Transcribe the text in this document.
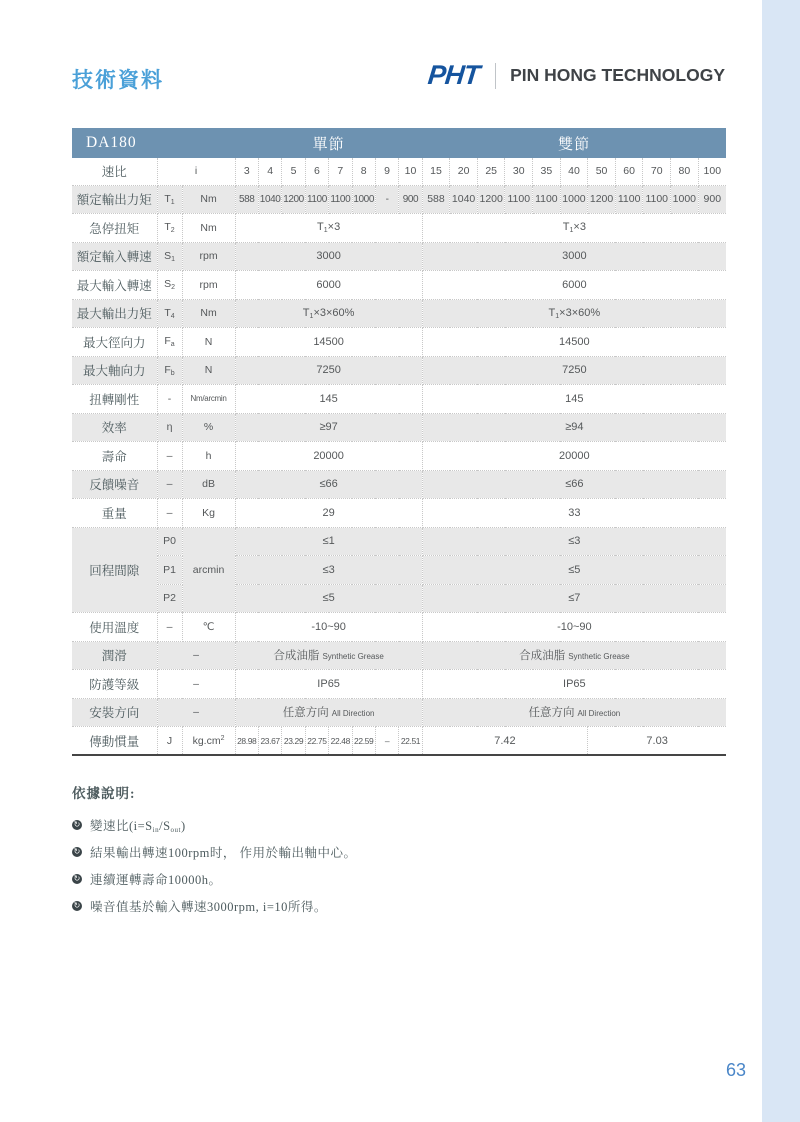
技術資料	PHT PIN HONG TECHNOLOGY
DA180			單節								雙節										
速比	i		3	4	5	6	7	8	9	10	15	20	25	30	35	40	50	60	70	80	100
額定輸出力矩	$T_1$	Nm	588	1040	1200	1100	1100	1000	-	900	588	1040	1200	1100	1100	1000	1200	1100	1100	1000	900
急停扭矩	$T_2$	Nm	$T_1\times 3$								$T_1\times 3$										
額定輸入轉速	$S_1$	rpm	3000								3000										
最大輸入轉速	$S_2$	rpm	6000								6000										
最大輸出力矩	$T_4$	Nm	$T_1\times 3\times 60\%$								$T_1\times 3\times 60\%$										
最大徑向力	$F_a$	N	14500								14500										
最大軸向力	$F_b$	N	7250								7250										
扭轉剛性	-	Nm/arcmin	145								145										
效率	η	%	≥97								≥94										
壽命	–	h	20000								20000										
反饋噪音	–	dB	≤66								≤66										
重量	–	Kg	29								33										
回程間隙	P0	arcmin	≤1								≤3										
	P1		≤3								≤5										
	P2		≤5								≤7										
使用溫度	–	℃	-10~90								-10~90										
潤滑	–		合成油脂 Synthetic Grease								合成油脂 Synthetic Grease										
防護等級	–		IP65								IP65										
安裝方向	–		任意方向 All Direction								任意方向 All Direction										
傳動慣量	J	$kg.cm^2$	28.98	23.67	23.29	22.75	22.48	22.59	–	22.51	7.42						7.03				
依據說明:
↻ 變速比$(i=S_{in}/S_{out})$
↻ 結果輸出轉速100rpm时， 作用於輸出軸中心。
↻ 連續運轉壽命10000h。
↻ 噪音值基於輸入轉速3000rpm, i=10所得。
63
